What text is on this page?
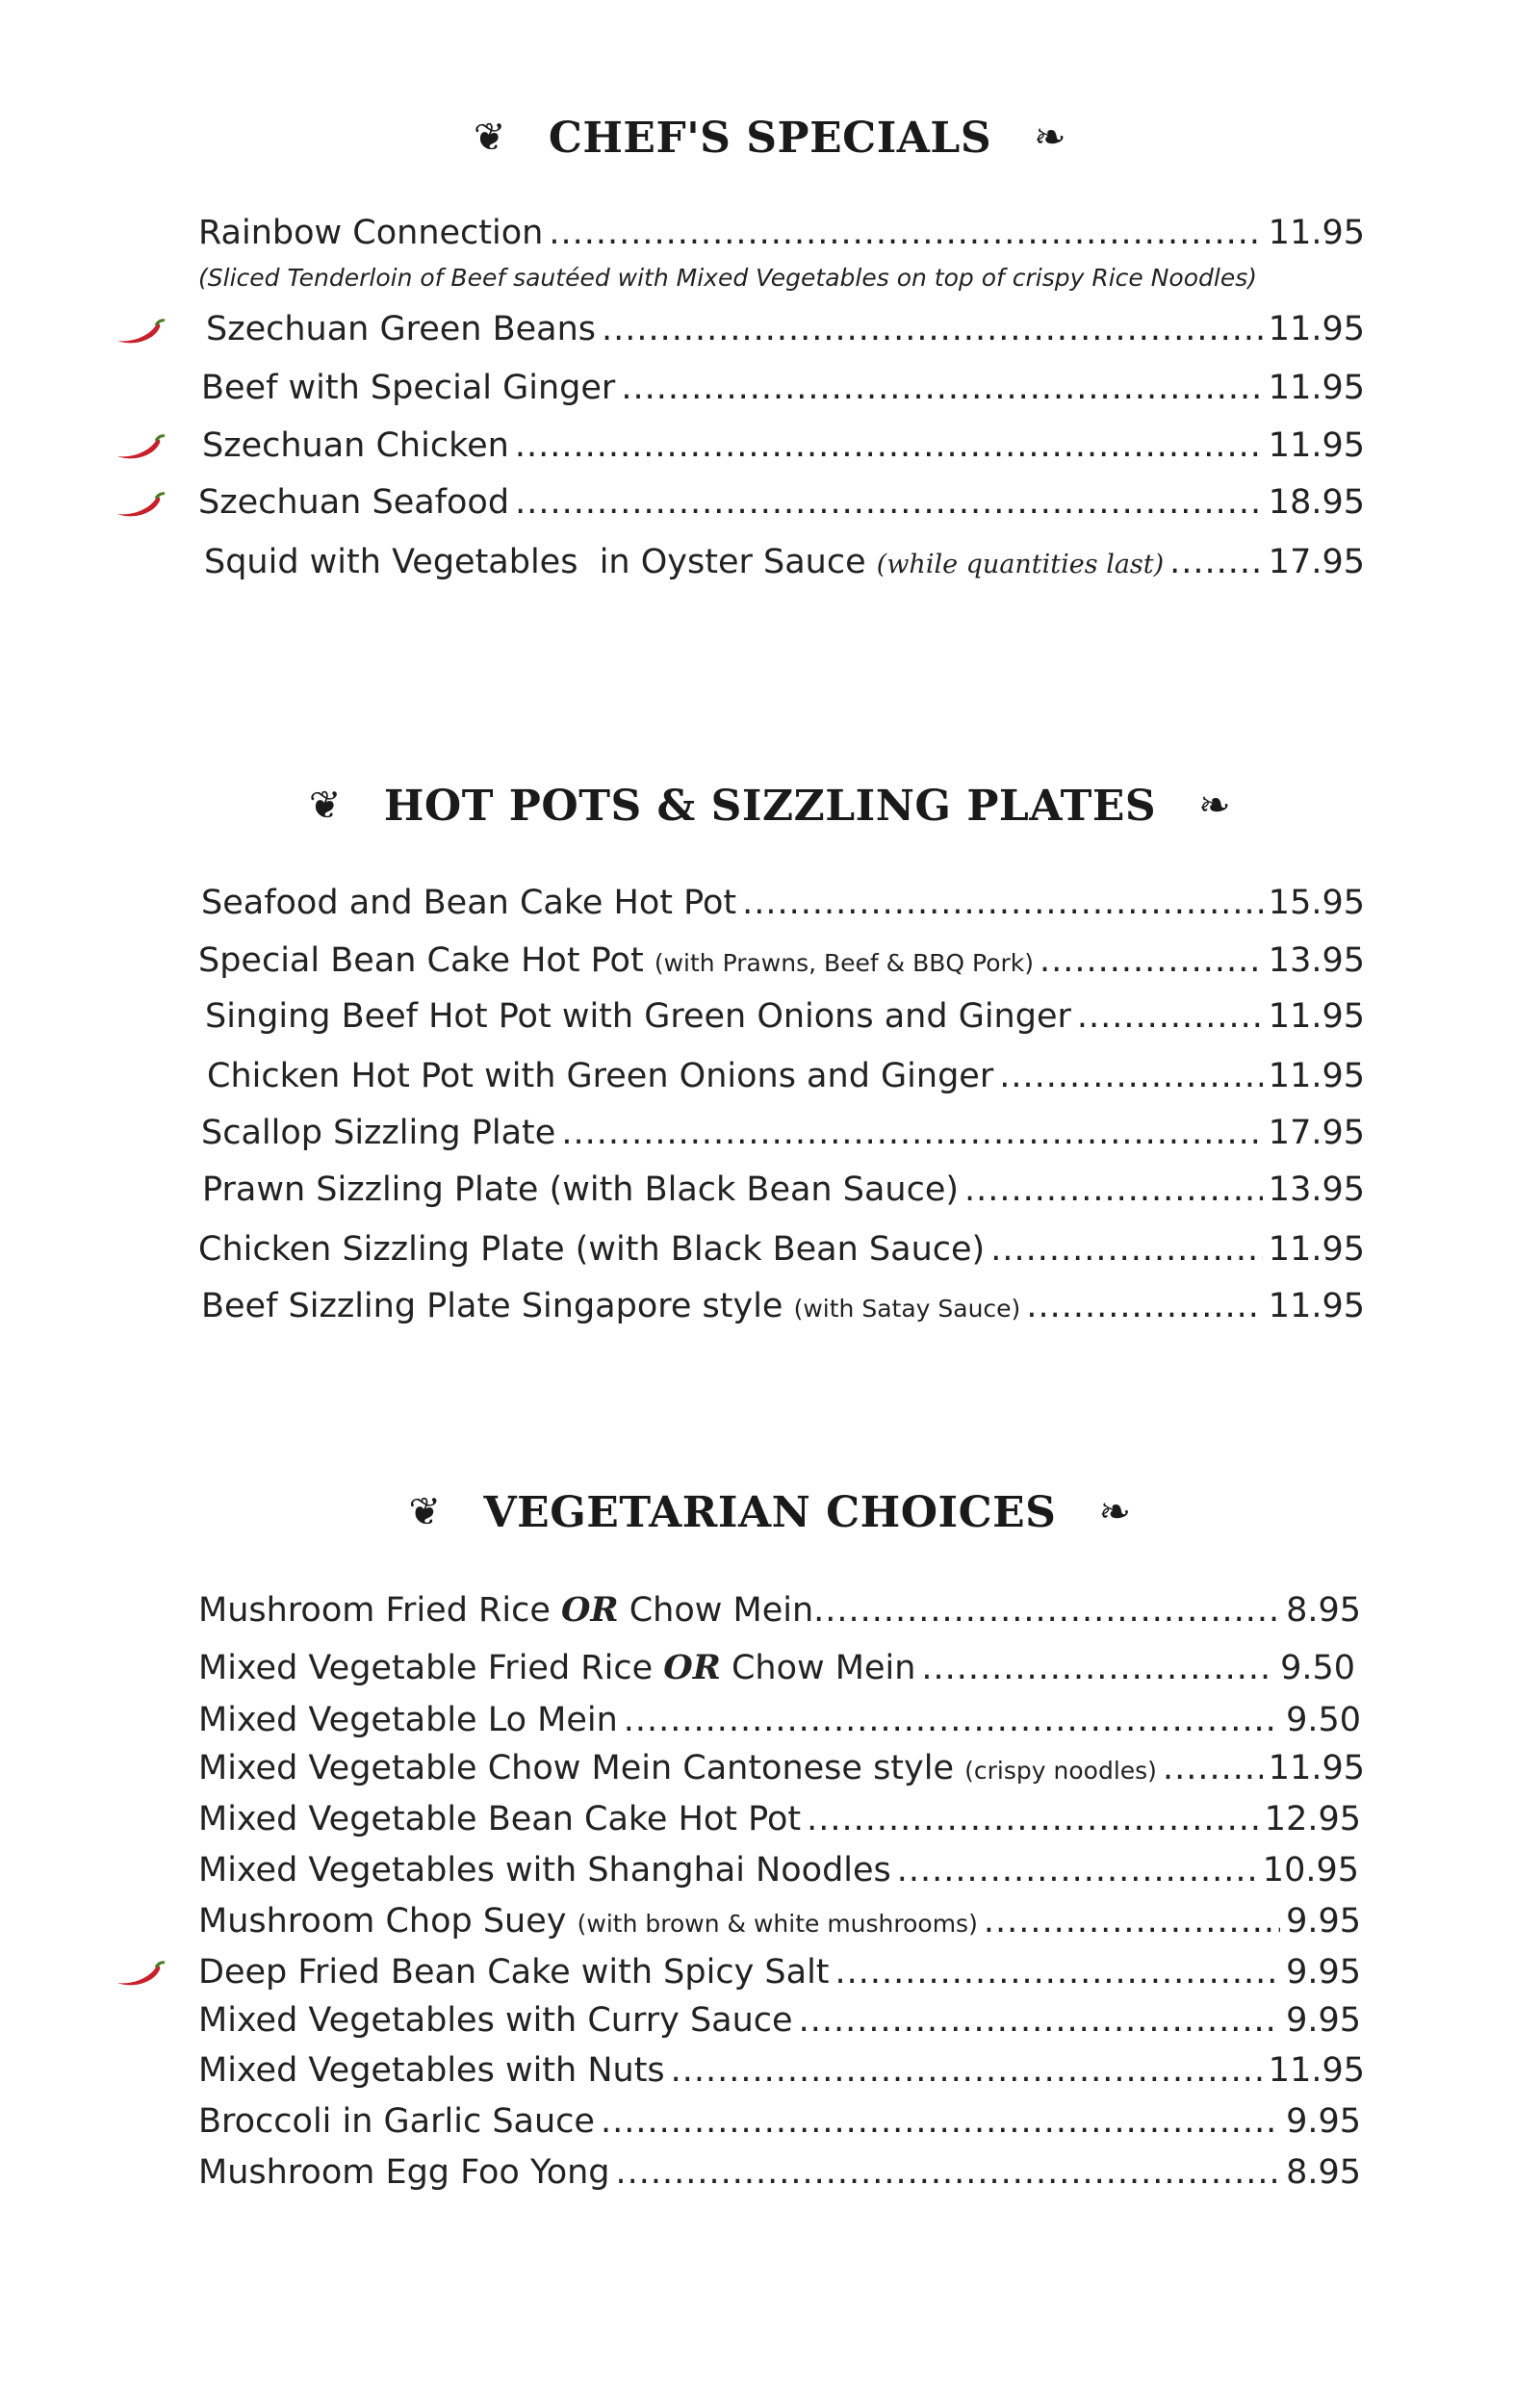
❦ CHEF'S SPECIALS ❧
Rainbow Connection .....	11.95
(Sliced Tenderloin of Beef sautéed with Mixed Vegetables on top of crispy Rice Noodles)
Szechuan Green Beans .....	11.95
Beef with Special Ginger .....	11.95
Szechuan Chicken .....	11.95
Szechuan Seafood .....	18.95
Squid with Vegetables  in Oyster Sauce (while quantities last) .....	17.95
❦ HOT POTS & SIZZLING PLATES ❧
Seafood and Bean Cake Hot Pot .....	15.95
Special Bean Cake Hot Pot (with Prawns, Beef & BBQ Pork) .....	13.95
Singing Beef Hot Pot with Green Onions and Ginger .....	11.95
Chicken Hot Pot with Green Onions and Ginger .....	11.95
Scallop Sizzling Plate .....	17.95
Prawn Sizzling Plate (with Black Bean Sauce) .....	13.95
Chicken Sizzling Plate (with Black Bean Sauce) .....	11.95
Beef Sizzling Plate Singapore style (with Satay Sauce) .....	11.95
❦ VEGETARIAN CHOICES ❧
Mushroom Fried Rice OR Chow Mein .....	8.95
Mixed Vegetable Fried Rice OR Chow Mein .....	9.50
Mixed Vegetable Lo Mein .....	9.50
Mixed Vegetable Chow Mein Cantonese style (crispy noodles) .....	11.95
Mixed Vegetable Bean Cake Hot Pot .....	12.95
Mixed Vegetables with Shanghai Noodles .....	10.95
Mushroom Chop Suey (with brown & white mushrooms) .....	9.95
Deep Fried Bean Cake with Spicy Salt .....	9.95
Mixed Vegetables with Curry Sauce .....	9.95
Mixed Vegetables with Nuts .....	11.95
Broccoli in Garlic Sauce .....	9.95
Mushroom Egg Foo Yong .....	8.95
